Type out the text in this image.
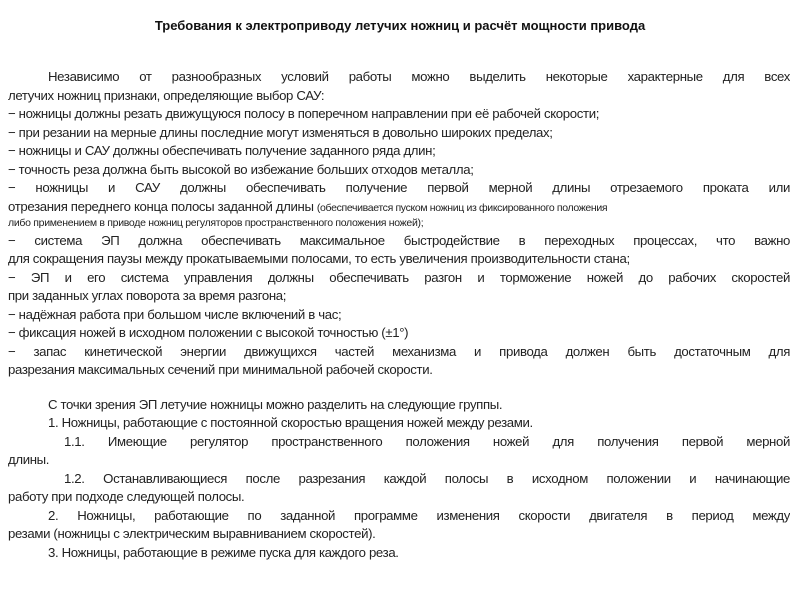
Требования к электроприводу летучих ножниц и расчёт мощности привода
Независимо от разнообразных условий работы можно выделить некоторые характерные для всех
летучих ножниц признаки, определяющие выбор САУ:
− ножницы должны резать движущуюся полосу в поперечном направлении при её рабочей скорости;
− при резании на мерные длины последние могут изменяться в довольно широких пределах;
− ножницы и САУ должны обеспечивать получение заданного ряда длин;
− точность реза должна быть высокой во избежание больших отходов металла;
− ножницы и САУ должны обеспечивать получение первой мерной длины отрезаемого проката или
отрезания переднего конца полосы заданной длины (обеспечивается пуском ножниц из фиксированного положения
либо применением в приводе ножниц регуляторов пространственного положения ножей);
− система ЭП должна обеспечивать максимальное быстродействие в переходных процессах, что важно
для сокращения паузы между прокатываемыми полосами, то есть увеличения производительности стана;
− ЭП и его система управления должны обеспечивать разгон и торможение ножей до рабочих скоростей
при заданных углах поворота за время разгона;
− надёжная работа при большом числе включений в час;
− фиксация ножей в исходном положении с высокой точностью (±1°)
− запас кинетической энергии движущихся частей механизма и привода должен быть достаточным для
разрезания максимальных сечений при минимальной рабочей скорости.
С точки зрения ЭП летучие ножницы можно разделить на следующие группы.
1. Ножницы, работающие с постоянной скоростью вращения ножей между резами.
1.1. Имеющие регулятор пространственного положения ножей для получения первой мерной
длины.
1.2. Останавливающиеся после разрезания каждой полосы в исходном положении и начинающие
работу при подходе следующей полосы.
2. Ножницы, работающие по заданной программе изменения скорости двигателя в период между
резами (ножницы с электрическим выравниванием скоростей).
3. Ножницы, работающие в режиме пуска для каждого реза.
